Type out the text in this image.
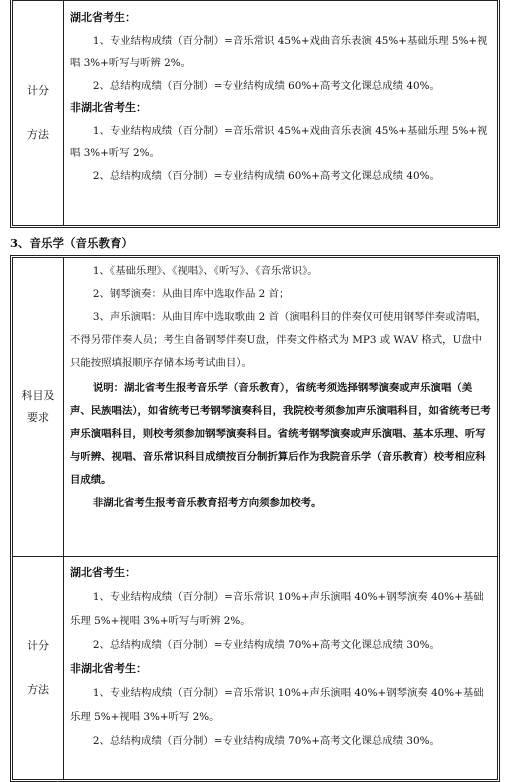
计分

方法

湖北省考生：

1、专业结构成绩（百分制）=音乐常识 45%+戏曲音乐表演 45%+基础乐理 5%+视唱 3%+听写与听辨 2%。

2、总结构成绩（百分制）=专业结构成绩 60%+高考文化课总成绩 40%。

非湖北省考生：

1、专业结构成绩（百分制）=音乐常识 45%+戏曲音乐表演 45%+基础乐理 5%+视唱 3%+听写 2%。

2、总结构成绩（百分制）=专业结构成绩 60%+高考文化课总成绩 40%。

3、音乐学（音乐教育）
科目及
要求

1、《基础乐理》、《视唱》、《听写》、《音乐常识》。

2、钢琴演奏：从曲目库中选取作品 2 首；

3、声乐演唱：从曲目库中选取歌曲 2 首（演唱科目的伴奏仅可使用钢琴伴奏或清唱，不得另带伴奏人员；考生自备钢琴伴奏U盘，伴奏文件格式为 MP3 或 WAV 格式，U盘中只能按照填报顺序存储本场考试曲目）。

说明：湖北省考生报考音乐学（音乐教育），省统考须选择钢琴演奏或声乐演唱（美声、民族唱法），如省统考已考钢琴演奏科目，我院校考须参加声乐演唱科目，如省统考已考声乐演唱科目，则校考须参加钢琴演奏科目。省统考钢琴演奏或声乐演唱、基本乐理、听写与听辨、视唱、音乐常识科目成绩按百分制折算后作为我院音乐学（音乐教育）校考相应科目成绩。

非湖北省考生报考音乐教育招考方向须参加校考。

计分

方法

湖北省考生：

1、专业结构成绩（百分制）=音乐常识 10%+声乐演唱 40%+钢琴演奏 40%+基础乐理 5%+视唱 3%+听写与听辨 2%。

2、总结构成绩（百分制）=专业结构成绩 70%+高考文化课总成绩 30%。

非湖北省考生：

1、专业结构成绩（百分制）=音乐常识 10%+声乐演唱 40%+钢琴演奏 40%+基础乐理 5%+视唱 3%+听写 2%。

2、总结构成绩（百分制）=专业结构成绩 70%+高考文化课总成绩 30%。
